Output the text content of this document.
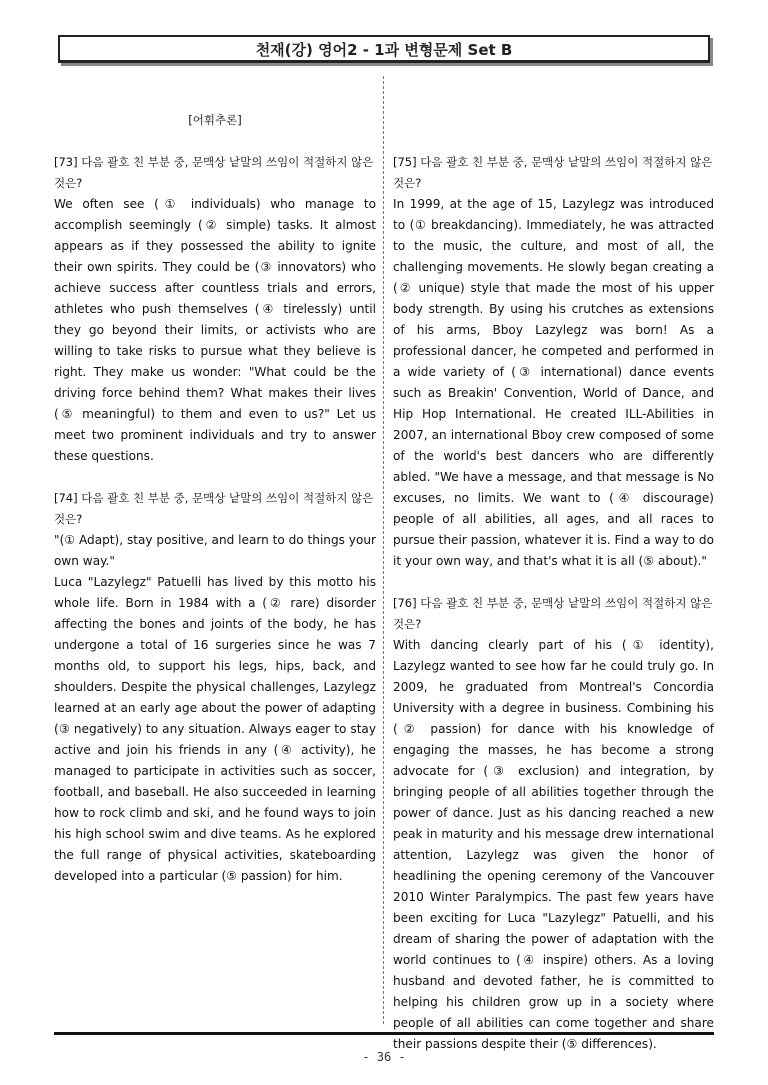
천재(강) 영어2 - 1과 변형문제 Set B

[어휘추론]

[73] 다음 괄호 친 부분 중, 문맥상 낱말의 쓰임이 적절하지 않은 것은?

We often see (① individuals) who manage to accomplish seemingly (② simple) tasks. It almost appears as if they possessed the ability to ignite their own spirits. They could be (③ innovators) who achieve success after countless trials and errors, athletes who push themselves (④ tirelessly) until they go beyond their limits, or activists who are willing to take risks to pursue what they believe is right. They make us wonder: "What could be the driving force behind them? What makes their lives (⑤ meaningful) to them and even to us?" Let us meet two prominent individuals and try to answer these questions.

[74] 다음 괄호 친 부분 중, 문맥상 낱말의 쓰임이 적절하지 않은 것은?

"(① Adapt), stay positive, and learn to do things your own way."

Luca "Lazylegz" Patuelli has lived by this motto his whole life. Born in 1984 with a (② rare) disorder affecting the bones and joints of the body, he has undergone a total of 16 surgeries since he was 7 months old, to support his legs, hips, back, and shoulders. Despite the physical challenges, Lazylegz learned at an early age about the power of adapting (③ negatively) to any situation. Always eager to stay active and join his friends in any (④ activity), he managed to participate in activities such as soccer, football, and baseball. He also succeeded in learning how to rock climb and ski, and he found ways to join his high school swim and dive teams. As he explored the full range of physical activities, skateboarding developed into a particular (⑤ passion) for him.

[75] 다음 괄호 친 부분 중, 문맥상 낱말의 쓰임이 적절하지 않은 것은?

In 1999, at the age of 15, Lazylegz was introduced to (① breakdancing). Immediately, he was attracted to the music, the culture, and most of all, the challenging movements. He slowly began creating a (② unique) style that made the most of his upper body strength. By using his crutches as extensions of his arms, Bboy Lazylegz was born! As a professional dancer, he competed and performed in a wide variety of (③ international) dance events such as Breakin' Convention, World of Dance, and Hip Hop International. He created ILL-Abilities in 2007, an international Bboy crew composed of some of the world's best dancers who are differently abled. "We have a message, and that message is No excuses, no limits. We want to (④ discourage) people of all abilities, all ages, and all races to pursue their passion, whatever it is. Find a way to do it your own way, and that's what it is all (⑤ about)."

[76] 다음 괄호 친 부분 중, 문맥상 낱말의 쓰임이 적절하지 않은 것은?

With dancing clearly part of his (① identity), Lazylegz wanted to see how far he could truly go. In 2009, he graduated from Montreal's Concordia University with a degree in business. Combining his (② passion) for dance with his knowledge of engaging the masses, he has become a strong advocate for (③ exclusion) and integration, by bringing people of all abilities together through the power of dance. Just as his dancing reached a new peak in maturity and his message drew international attention, Lazylegz was given the honor of headlining the opening ceremony of the Vancouver 2010 Winter Paralympics. The past few years have been exciting for Luca "Lazylegz" Patuelli, and his dream of sharing the power of adaptation with the world continues to (④ inspire) others. As a loving husband and devoted father, he is committed to helping his children grow up in a society where people of all abilities can come together and share their passions despite their (⑤ differences).

- 36 -
